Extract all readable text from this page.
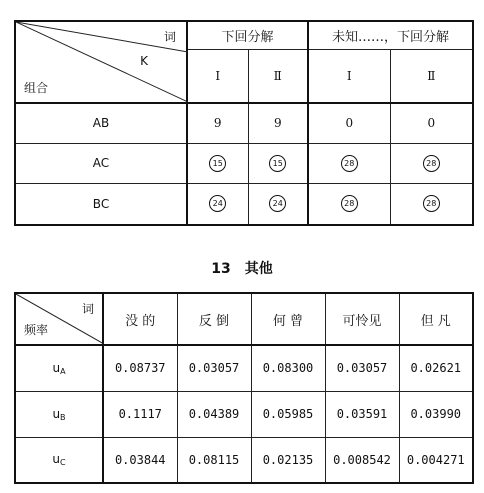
词
K
组合	下回分解		未知……，下回分解	
	Ⅰ	Ⅱ	Ⅰ	Ⅱ
AB	9	9	0	0
AC	15	15	28	28
BC	24	24	28	28
13　其他
词
频率	没 的	反 倒	何 曾	可怜见	但 凡
$u_A$	0.08737	0.03057	0.08300	0.03057	0.02621
$u_B$	0.1117	0.04389	0.05985	0.03591	0.03990
$u_C$	0.03844	0.08115	0.02135	0.008542	0.004271
